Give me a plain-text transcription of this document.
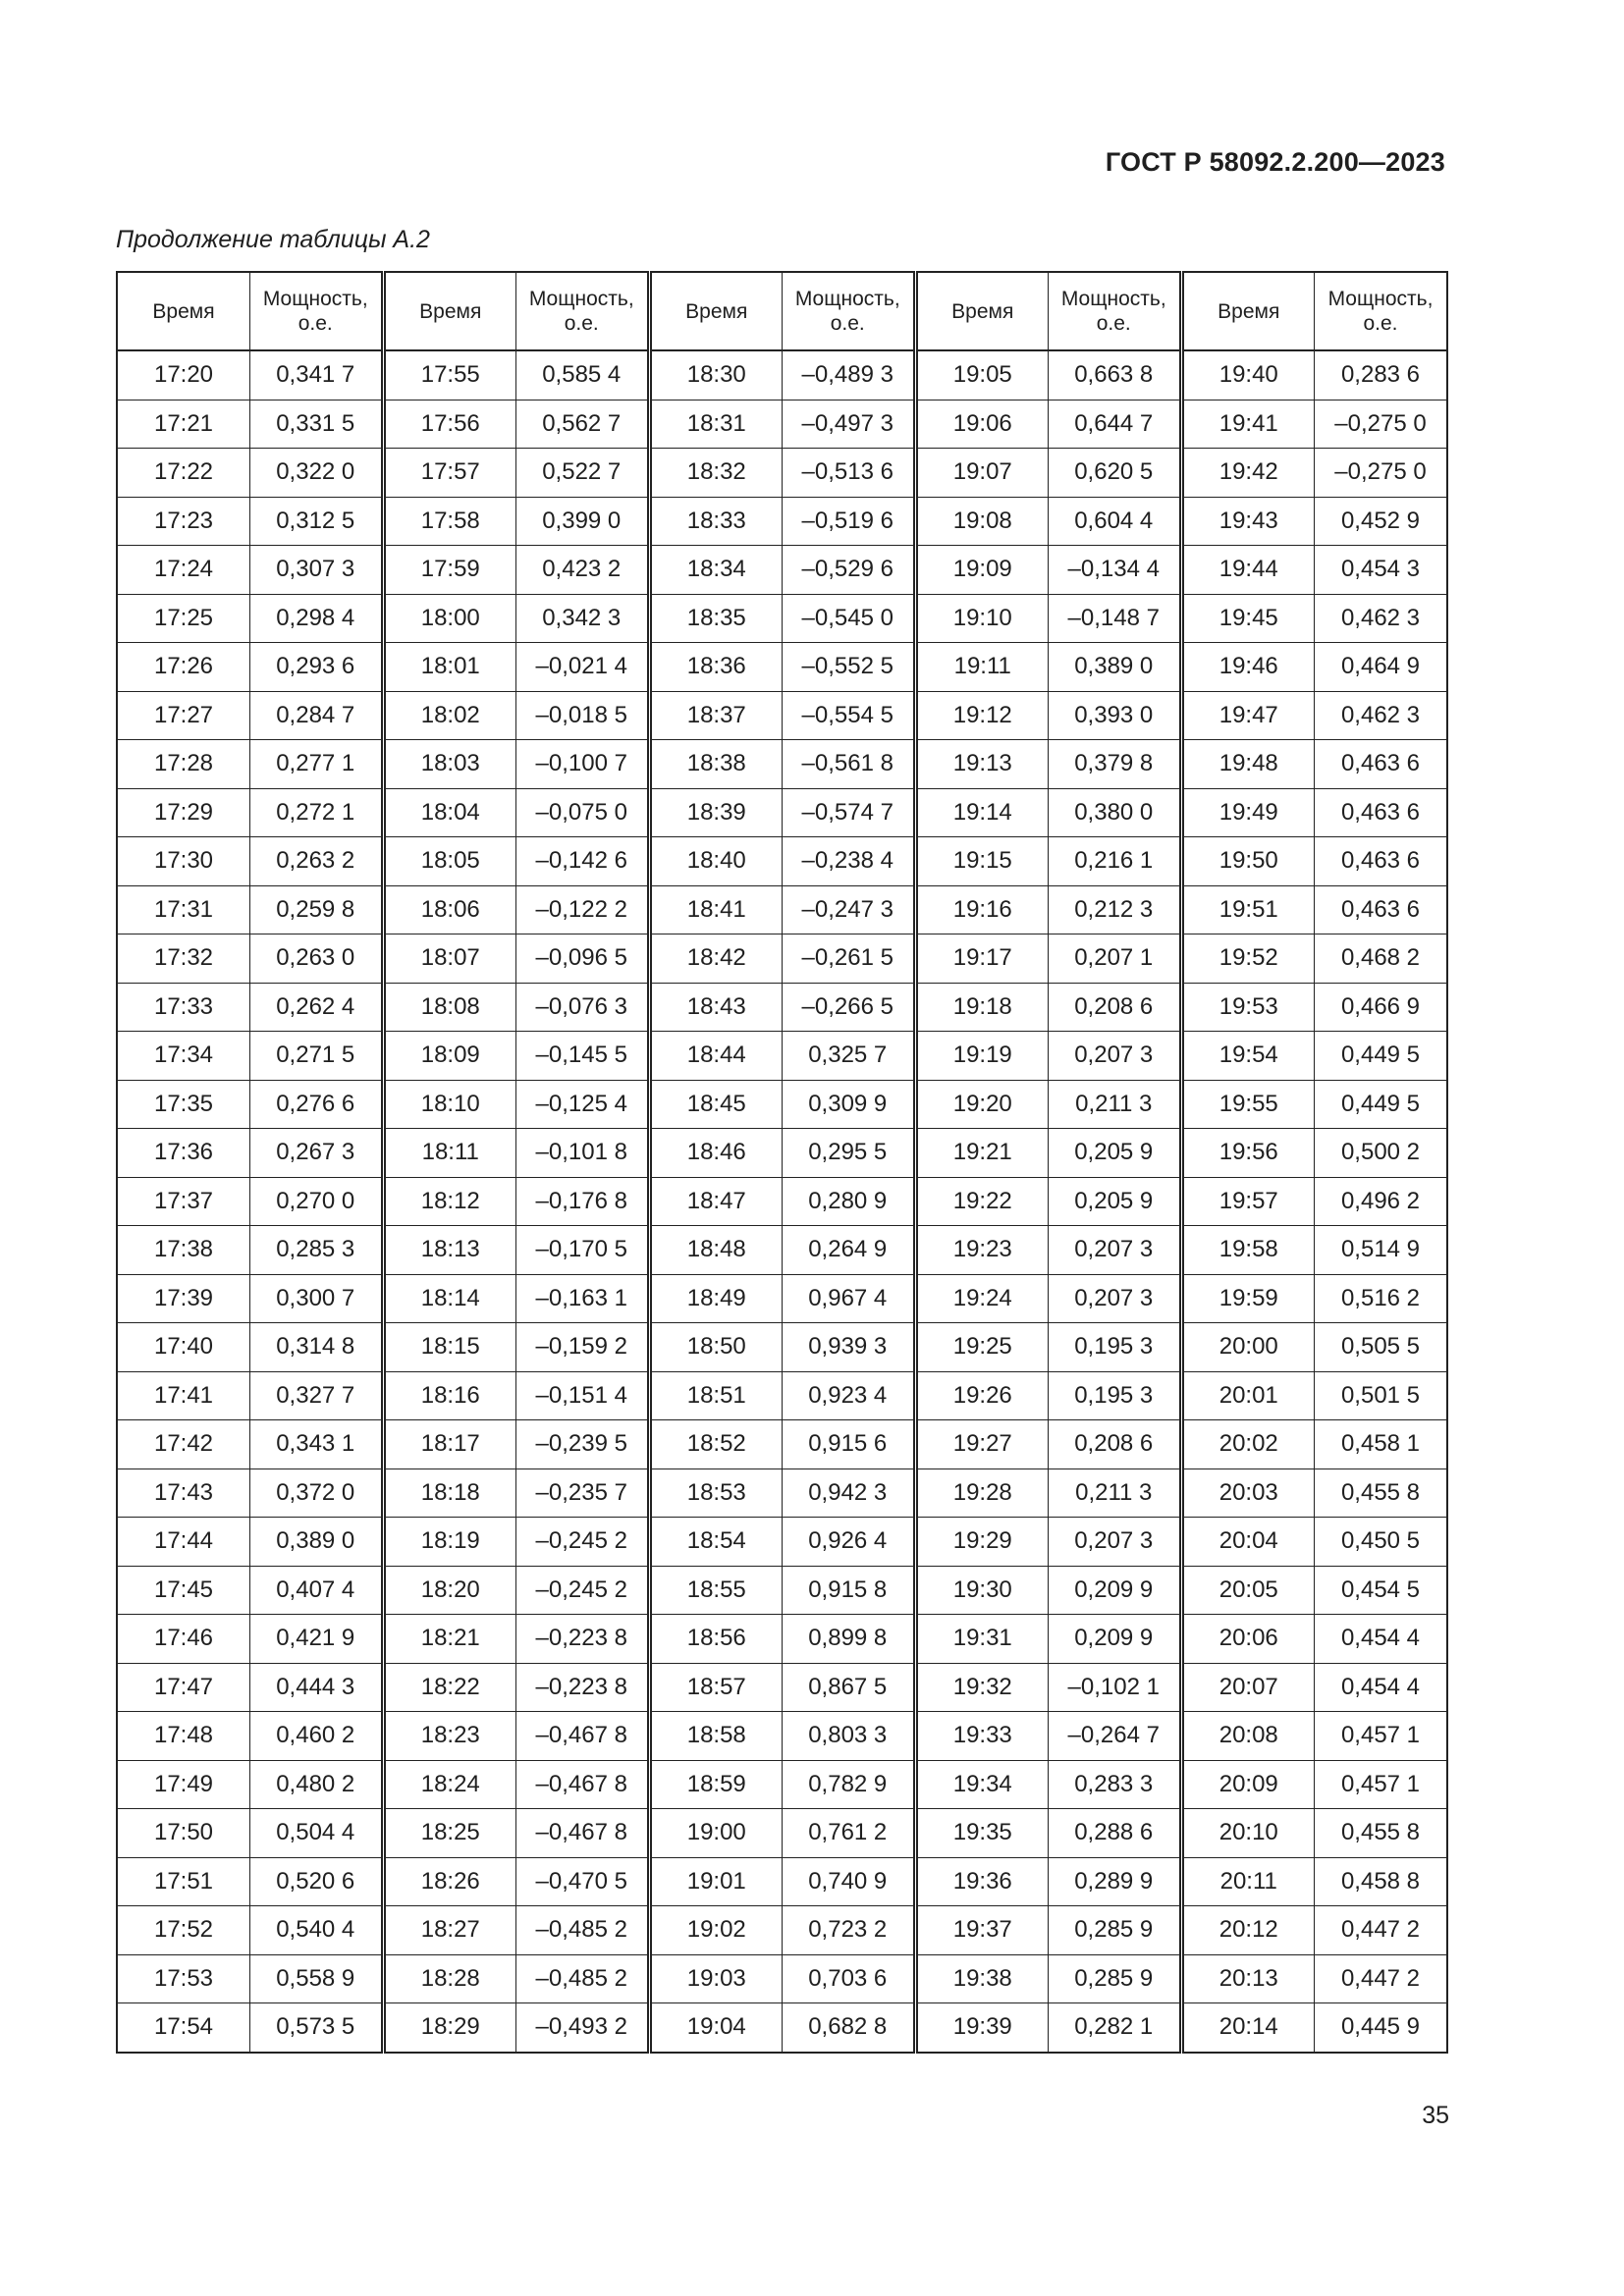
ГОСТ Р 58092.2.200—2023
Продолжение таблицы А.2
Время	Мощность, о.е.	Время	Мощность, о.е.	Время	Мощность, о.е.	Время	Мощность, о.е.	Время	Мощность, о.е.
17:20	0,341 7	17:55	0,585 4	18:30	–0,489 3	19:05	0,663 8	19:40	0,283 6
17:21	0,331 5	17:56	0,562 7	18:31	–0,497 3	19:06	0,644 7	19:41	–0,275 0
17:22	0,322 0	17:57	0,522 7	18:32	–0,513 6	19:07	0,620 5	19:42	–0,275 0
17:23	0,312 5	17:58	0,399 0	18:33	–0,519 6	19:08	0,604 4	19:43	0,452 9
17:24	0,307 3	17:59	0,423 2	18:34	–0,529 6	19:09	–0,134 4	19:44	0,454 3
17:25	0,298 4	18:00	0,342 3	18:35	–0,545 0	19:10	–0,148 7	19:45	0,462 3
17:26	0,293 6	18:01	–0,021 4	18:36	–0,552 5	19:11	0,389 0	19:46	0,464 9
17:27	0,284 7	18:02	–0,018 5	18:37	–0,554 5	19:12	0,393 0	19:47	0,462 3
17:28	0,277 1	18:03	–0,100 7	18:38	–0,561 8	19:13	0,379 8	19:48	0,463 6
17:29	0,272 1	18:04	–0,075 0	18:39	–0,574 7	19:14	0,380 0	19:49	0,463 6
17:30	0,263 2	18:05	–0,142 6	18:40	–0,238 4	19:15	0,216 1	19:50	0,463 6
17:31	0,259 8	18:06	–0,122 2	18:41	–0,247 3	19:16	0,212 3	19:51	0,463 6
17:32	0,263 0	18:07	–0,096 5	18:42	–0,261 5	19:17	0,207 1	19:52	0,468 2
17:33	0,262 4	18:08	–0,076 3	18:43	–0,266 5	19:18	0,208 6	19:53	0,466 9
17:34	0,271 5	18:09	–0,145 5	18:44	0,325 7	19:19	0,207 3	19:54	0,449 5
17:35	0,276 6	18:10	–0,125 4	18:45	0,309 9	19:20	0,211 3	19:55	0,449 5
17:36	0,267 3	18:11	–0,101 8	18:46	0,295 5	19:21	0,205 9	19:56	0,500 2
17:37	0,270 0	18:12	–0,176 8	18:47	0,280 9	19:22	0,205 9	19:57	0,496 2
17:38	0,285 3	18:13	–0,170 5	18:48	0,264 9	19:23	0,207 3	19:58	0,514 9
17:39	0,300 7	18:14	–0,163 1	18:49	0,967 4	19:24	0,207 3	19:59	0,516 2
17:40	0,314 8	18:15	–0,159 2	18:50	0,939 3	19:25	0,195 3	20:00	0,505 5
17:41	0,327 7	18:16	–0,151 4	18:51	0,923 4	19:26	0,195 3	20:01	0,501 5
17:42	0,343 1	18:17	–0,239 5	18:52	0,915 6	19:27	0,208 6	20:02	0,458 1
17:43	0,372 0	18:18	–0,235 7	18:53	0,942 3	19:28	0,211 3	20:03	0,455 8
17:44	0,389 0	18:19	–0,245 2	18:54	0,926 4	19:29	0,207 3	20:04	0,450 5
17:45	0,407 4	18:20	–0,245 2	18:55	0,915 8	19:30	0,209 9	20:05	0,454 5
17:46	0,421 9	18:21	–0,223 8	18:56	0,899 8	19:31	0,209 9	20:06	0,454 4
17:47	0,444 3	18:22	–0,223 8	18:57	0,867 5	19:32	–0,102 1	20:07	0,454 4
17:48	0,460 2	18:23	–0,467 8	18:58	0,803 3	19:33	–0,264 7	20:08	0,457 1
17:49	0,480 2	18:24	–0,467 8	18:59	0,782 9	19:34	0,283 3	20:09	0,457 1
17:50	0,504 4	18:25	–0,467 8	19:00	0,761 2	19:35	0,288 6	20:10	0,455 8
17:51	0,520 6	18:26	–0,470 5	19:01	0,740 9	19:36	0,289 9	20:11	0,458 8
17:52	0,540 4	18:27	–0,485 2	19:02	0,723 2	19:37	0,285 9	20:12	0,447 2
17:53	0,558 9	18:28	–0,485 2	19:03	0,703 6	19:38	0,285 9	20:13	0,447 2
17:54	0,573 5	18:29	–0,493 2	19:04	0,682 8	19:39	0,282 1	20:14	0,445 9
35
